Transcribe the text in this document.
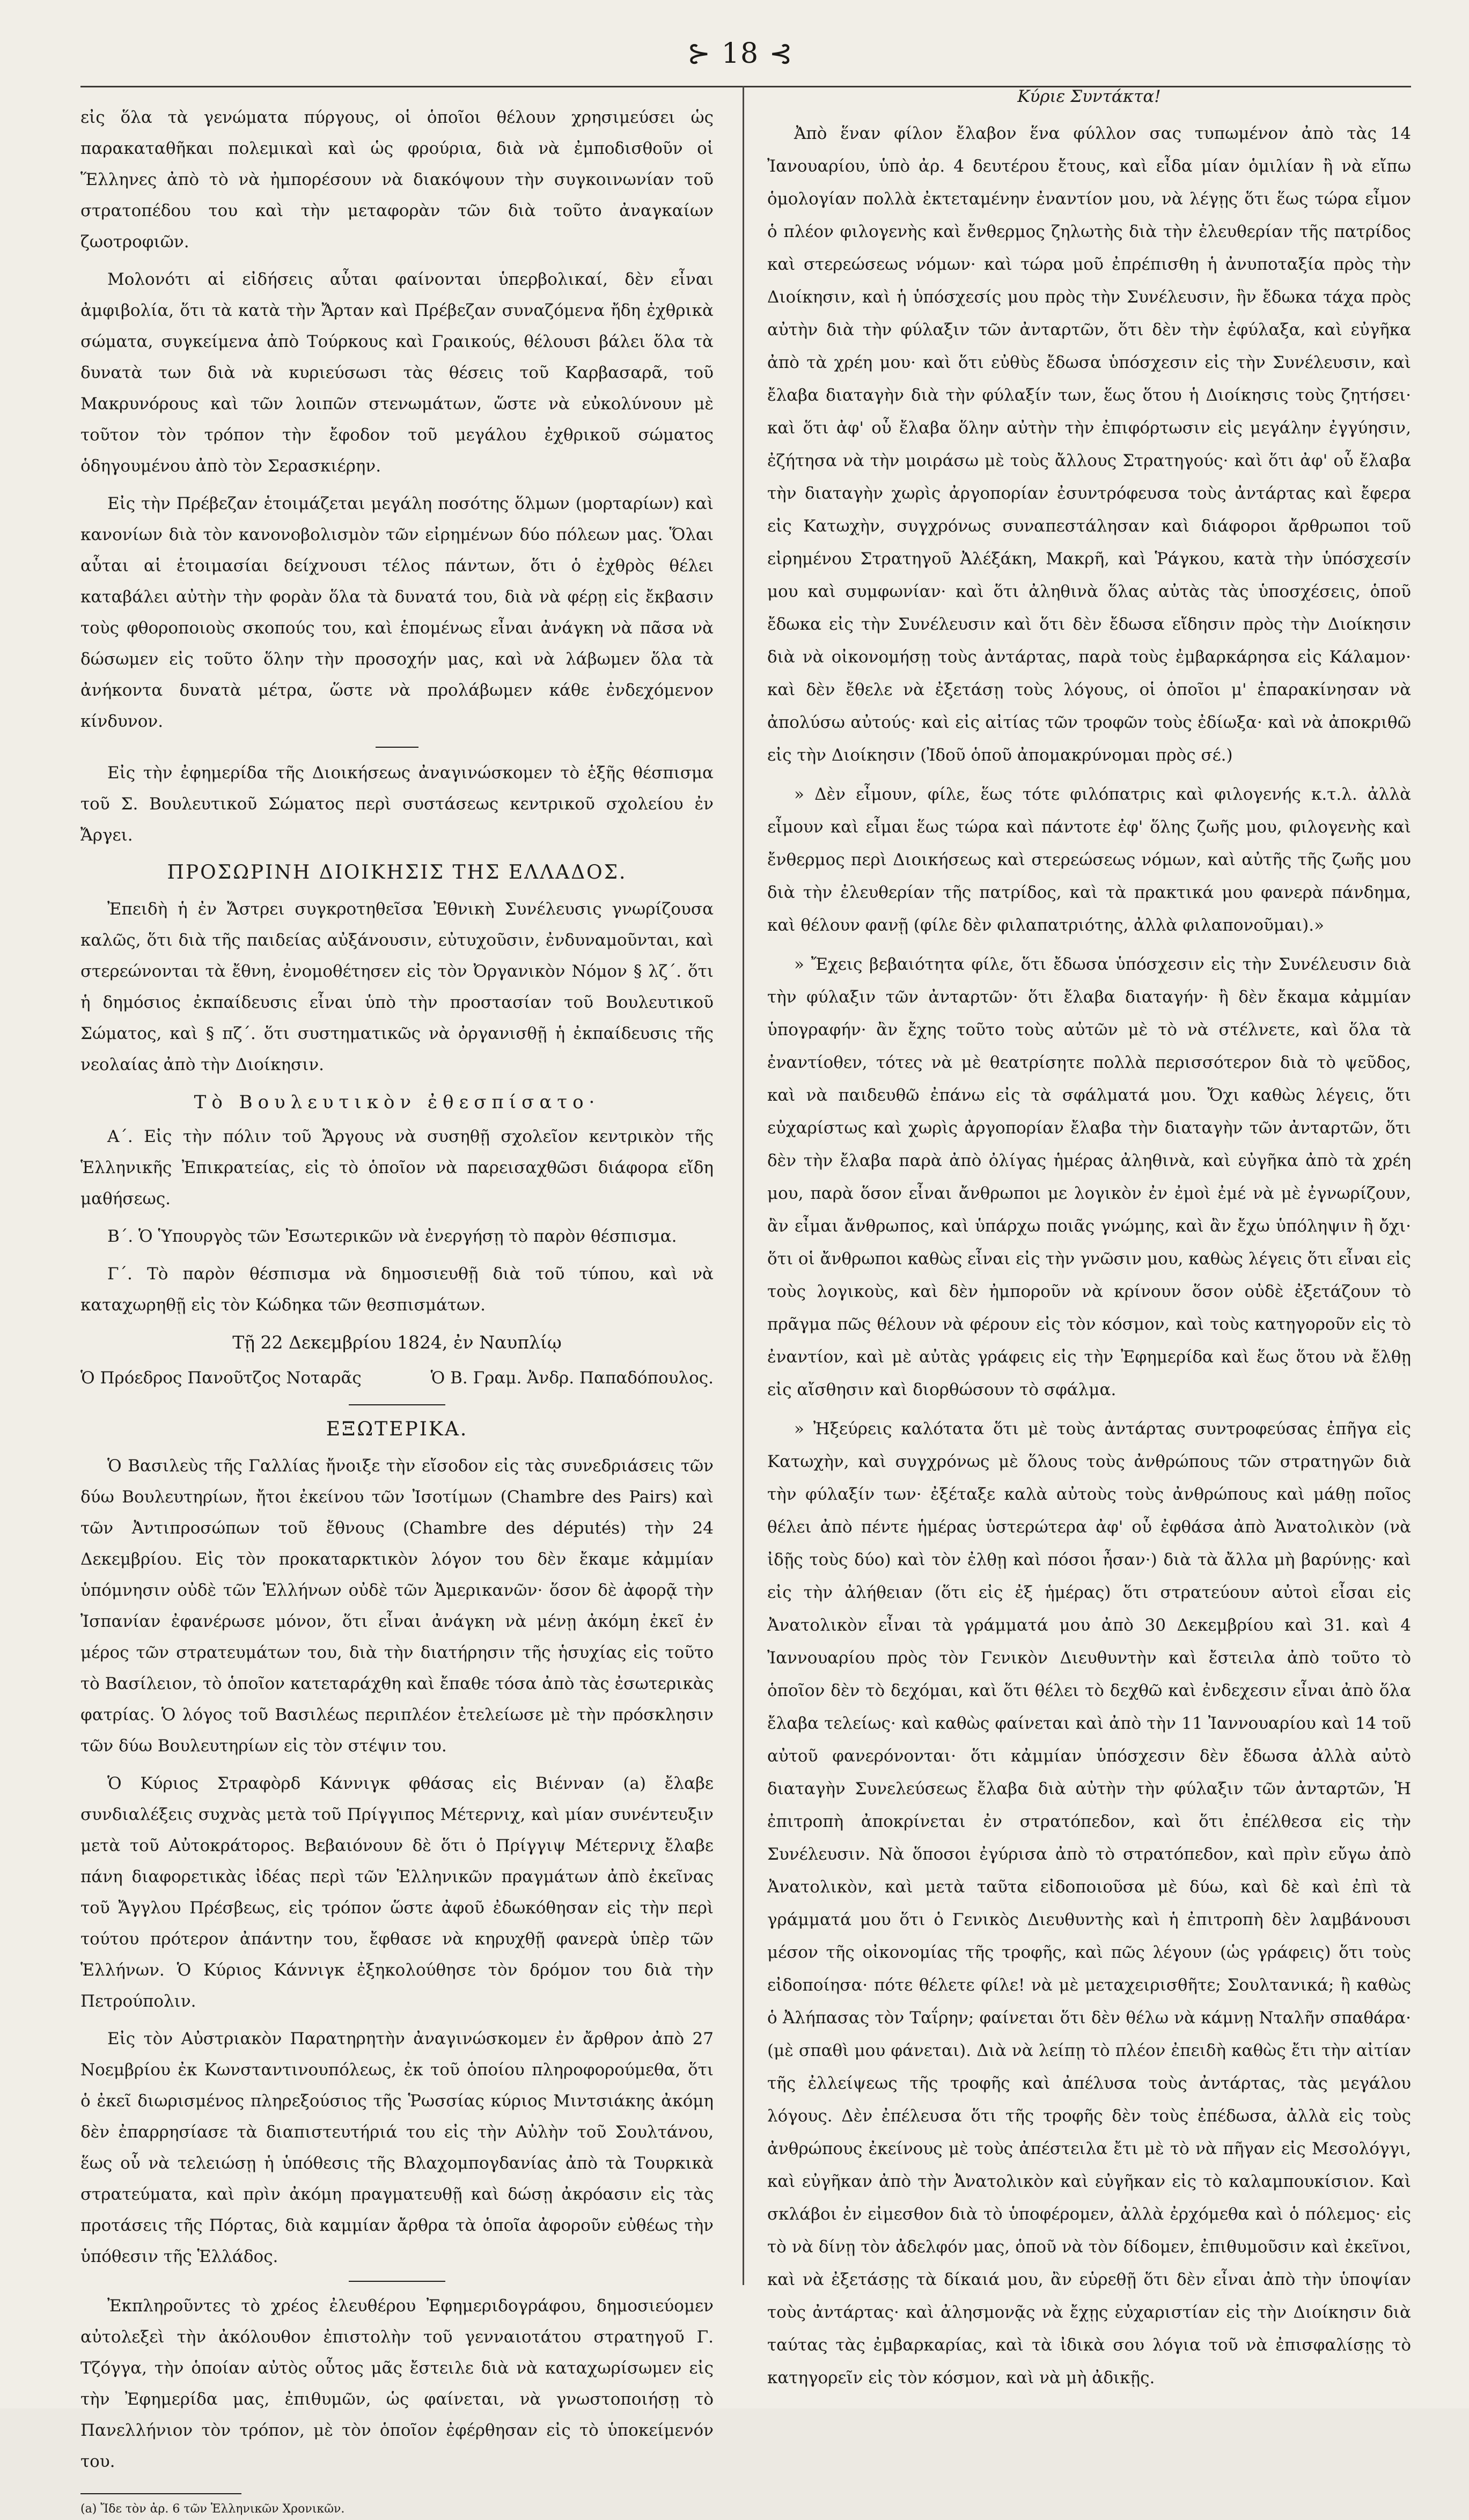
⊱ 18 ⊰

εἰς ὅλα τὰ γενώματα πύργους, οἱ ὁποῖοι θέλουν χρησιμεύσει ὡς παρακαταθῆκαι πολεμικαὶ καὶ ὡς φρούρια, διὰ νὰ ἐμποδισθοῦν οἱ Ἕλληνες ἀπὸ τὸ νὰ ἠμπορέσουν νὰ διακόψουν τὴν συγκοινωνίαν τοῦ στρατοπέδου του καὶ τὴν μεταφορὰν τῶν διὰ τοῦτο ἀναγκαίων ζωοτροφιῶν.

Μολονότι αἱ εἰδήσεις αὗται φαίνονται ὑπερβολικαί, δὲν εἶναι ἀμφιβολία, ὅτι τὰ κατὰ τὴν Ἄρταν καὶ Πρέβεζαν συναζόμενα ἤδη ἐχθρικὰ σώματα, συγκείμενα ἀπὸ Τούρκους καὶ Γραικούς, θέλουσι βάλει ὅλα τὰ δυνατὰ των διὰ νὰ κυριεύσωσι τὰς θέσεις τοῦ Καρβασαρᾶ, τοῦ Μακρυνόρους καὶ τῶν λοιπῶν στενωμάτων, ὥστε νὰ εὐκολύνουν μὲ τοῦτον τὸν τρόπον τὴν ἔφοδον τοῦ μεγάλου ἐχθρικοῦ σώματος ὁδηγουμένου ἀπὸ τὸν Σερασκιέρην.

Εἰς τὴν Πρέβεζαν ἑτοιμάζεται μεγάλη ποσότης ὅλμων (μορταρίων) καὶ κανονίων διὰ τὸν κανονοβολισμὸν τῶν εἰρημένων δύο πόλεων μας. Ὅλαι αὗται αἱ ἑτοιμασίαι δείχνουσι τέλος πάντων, ὅτι ὁ ἐχθρὸς θέλει καταβάλει αὐτὴν τὴν φορὰν ὅλα τὰ δυνατά του, διὰ νὰ φέρῃ εἰς ἔκβασιν τοὺς φθοροποιοὺς σκοπούς του, καὶ ἑπομένως εἶναι ἀνάγκη νὰ πᾶσα νὰ δώσωμεν εἰς τοῦτο ὅλην τὴν προσοχήν μας, καὶ νὰ λάβωμεν ὅλα τὰ ἀνήκοντα δυνατὰ μέτρα, ὥστε νὰ προλάβωμεν κάθε ἐνδεχόμενον κίνδυνον.

Εἰς τὴν ἐφημερίδα τῆς Διοικήσεως ἀναγινώσκομεν τὸ ἑξῆς θέσπισμα τοῦ Σ. Βουλευτικοῦ Σώματος περὶ συστάσεως κεντρικοῦ σχολείου ἐν Ἄργει.

ΠΡΟΣΩΡΙΝΗ ΔΙΟΙΚΗΣΙΣ ΤΗΣ ΕΛΛΑΔΟΣ.

Ἐπειδὴ ἡ ἐν Ἄστρει συγκροτηθεῖσα Ἐθνικὴ Συνέλευσις γνωρίζουσα καλῶς, ὅτι διὰ τῆς παιδείας αὐξάνουσιν, εὐτυχοῦσιν, ἐνδυναμοῦνται, καὶ στερεώνονται τὰ ἔθνη, ἐνομοθέτησεν εἰς τὸν Ὀργανικὸν Νόμον § λζ΄. ὅτι ἡ δημόσιος ἐκπαίδευσις εἶναι ὑπὸ τὴν προστασίαν τοῦ Βουλευτικοῦ Σώματος, καὶ § πζ΄. ὅτι συστηματικῶς νὰ ὀργανισθῇ ἡ ἐκπαίδευσις τῆς νεολαίας ἀπὸ τὴν Διοίκησιν.

Τὸ Βουλευτικὸν ἐθεσπίσατο·

Α΄. Εἰς τὴν πόλιν τοῦ Ἄργους νὰ συσηθῇ σχολεῖον κεντρικὸν τῆς Ἑλληνικῆς Ἐπικρατείας, εἰς τὸ ὁποῖον νὰ παρεισαχθῶσι διάφορα εἴδη μαθήσεως.

Β΄. Ὁ Ὑπουργὸς τῶν Ἐσωτερικῶν νὰ ἐνεργήσῃ τὸ παρὸν θέσπισμα.

Γ΄. Τὸ παρὸν θέσπισμα νὰ δημοσιευθῇ διὰ τοῦ τύπου, καὶ νὰ καταχωρηθῇ εἰς τὸν Κώδηκα τῶν θεσπισμάτων.

Τῇ 22 Δεκεμβρίου 1824, ἐν Ναυπλίῳ
Ὁ Πρόεδρος Πανοῦτζος Νοταρᾶς	Ὁ Β. Γραμ. Ἀνδρ. Παπαδόπουλος.
ΕΞΩΤΕΡΙΚΑ.

Ὁ Βασιλεὺς τῆς Γαλλίας ἤνοιξε τὴν εἴσοδον εἰς τὰς συνεδριάσεις τῶν δύω Βουλευτηρίων, ἤτοι ἐκείνου τῶν Ἰσοτίμων (Chambre des Pairs) καὶ τῶν Ἀντιπροσώπων τοῦ ἔθνους (Chambre des députés) τὴν 24 Δεκεμβρίου. Εἰς τὸν προκαταρκτικὸν λόγον του δὲν ἔκαμε κἀμμίαν ὑπόμνησιν οὐδὲ τῶν Ἑλλήνων οὐδὲ τῶν Ἀμερικανῶν· ὅσον δὲ ἀφορᾷ τὴν Ἰσπανίαν ἐφανέρωσε μόνον, ὅτι εἶναι ἀνάγκη νὰ μένῃ ἀκόμη ἐκεῖ ἐν μέρος τῶν στρατευμάτων του, διὰ τὴν διατήρησιν τῆς ἡσυχίας εἰς τοῦτο τὸ Βασίλειον, τὸ ὁποῖον κατεταράχθη καὶ ἔπαθε τόσα ἀπὸ τὰς ἐσωτερικὰς φατρίας. Ὁ λόγος τοῦ Βασιλέως περιπλέον ἐτελείωσε μὲ τὴν πρόσκλησιν τῶν δύω Βουλευτηρίων εἰς τὸν στέψιν του.

Ὁ Κύριος Στραφὸρδ Κάννιγκ φθάσας εἰς Βιένναν (a) ἔλαβε συνδιαλέξεις συχνὰς μετὰ τοῦ Πρίγγιπος Μέτερνιχ, καὶ μίαν συνέντευξιν μετὰ τοῦ Αὐτοκράτορος. Βεβαιόνουν δὲ ὅτι ὁ Πρίγγιψ Μέτερνιχ ἔλαβε πάνη διαφορετικὰς ἰδέας περὶ τῶν Ἑλληνικῶν πραγμάτων ἀπὸ ἐκεῖνας τοῦ Ἄγγλου Πρέσβεως, εἰς τρόπον ὥστε ἀφοῦ ἐδωκόθησαν εἰς τὴν περὶ τούτου πρότερον ἀπάντην του, ἔφθασε νὰ κηρυχθῇ φανερὰ ὑπὲρ τῶν Ἑλλήνων. Ὁ Κύριος Κάννιγκ ἐξηκολούθησε τὸν δρόμον του διὰ τὴν Πετρούπολιν.

Εἰς τὸν Αὐστριακὸν Παρατηρητὴν ἀναγινώσκομεν ἐν ἄρθρον ἀπὸ 27 Νοεμβρίου ἐκ Κωνσταντινουπόλεως, ἐκ τοῦ ὁποίου πληροφορούμεθα, ὅτι ὁ ἐκεῖ διωρισμένος πληρεξούσιος τῆς Ῥωσσίας κύριος Μιντσιάκης ἀκόμη δὲν ἐπαρρησίασε τὰ διαπιστευτήριά του εἰς τὴν Αὐλὴν τοῦ Σουλτάνου, ἕως οὗ νὰ τελειώσῃ ἡ ὑπόθεσις τῆς Βλαχομπογδανίας ἀπὸ τὰ Τουρκικὰ στρατεύματα, καὶ πρὶν ἀκόμη πραγματευθῇ καὶ δώσῃ ἀκρόασιν εἰς τὰς προτάσεις τῆς Πόρτας, διὰ καμμίαν ἄρθρα τὰ ὁποῖα ἀφοροῦν εὐθέως τὴν ὑπόθεσιν τῆς Ἑλλάδος.

Ἐκπληροῦντες τὸ χρέος ἐλευθέρου Ἐφημεριδογράφου, δημοσιεύομεν αὐτολεξεὶ τὴν ἀκόλουθον ἐπιστολὴν τοῦ γενναιοτάτου στρατηγοῦ Γ. Τζόγγα, τὴν ὁποίαν αὐτὸς οὗτος μᾶς ἔστειλε διὰ νὰ καταχωρίσωμεν εἰς τὴν Ἐφημερίδα μας, ἐπιθυμῶν, ὡς φαίνεται, νὰ γνωστοποιήσῃ τὸ Πανελλήνιον τὸν τρόπον, μὲ τὸν ὁποῖον ἐφέρθησαν εἰς τὸ ὑποκείμενόν του.

(a) Ἴδε τὸν ἀρ. 6 τῶν Ἑλληνικῶν Χρονικῶν.

Κύριε Συντάκτα!

Ἀπὸ ἕναν φίλον ἔλαβον ἕνα φύλλον σας τυπωμένον ἀπὸ τὰς 14 Ἰανουαρίου, ὑπὸ ἀρ. 4 δευτέρου ἔτους, καὶ εἶδα μίαν ὁμιλίαν ἢ νὰ εἴπω ὁμολογίαν πολλὰ ἐκτεταμένην ἐναντίον μου, νὰ λέγῃς ὅτι ἕως τώρα εἶμον ὁ πλέον φιλογενὴς καὶ ἔνθερμος ζηλωτὴς διὰ τὴν ἐλευθερίαν τῆς πατρίδος καὶ στερεώσεως νόμων· καὶ τώρα μοῦ ἐπρέπισθη ἡ ἀνυποταξία πρὸς τὴν Διοίκησιν, καὶ ἡ ὑπόσχεσίς μου πρὸς τὴν Συνέλευσιν, ἣν ἔδωκα τάχα πρὸς αὐτὴν διὰ τὴν φύλαξιν τῶν ἀνταρτῶν, ὅτι δὲν τὴν ἐφύλαξα, καὶ εὐγῆκα ἀπὸ τὰ χρέη μου· καὶ ὅτι εὐθὺς ἔδωσα ὑπόσχεσιν εἰς τὴν Συνέλευσιν, καὶ ἔλαβα διαταγὴν διὰ τὴν φύλαξίν των, ἕως ὅτου ἡ Διοίκησις τοὺς ζητήσει· καὶ ὅτι ἀφ' οὗ ἔλαβα ὅλην αὐτὴν τὴν ἐπιφόρτωσιν εἰς μεγάλην ἐγγύησιν, ἐζήτησα νὰ τὴν μοιράσω μὲ τοὺς ἄλλους Στρατηγούς· καὶ ὅτι ἀφ' οὗ ἔλαβα τὴν διαταγὴν χωρὶς ἀργοπορίαν ἐσυντρόφευσα τοὺς ἀντάρτας καὶ ἔφερα εἰς Κατωχὴν, συγχρόνως συναπεστάλησαν καὶ διάφοροι ἄρθρωποι τοῦ εἰρημένου Στρατηγοῦ Ἀλέξάκη, Μακρῆ, καὶ Ῥάγκου, κατὰ τὴν ὑπόσχεσίν μου καὶ συμφωνίαν· καὶ ὅτι ἀληθινὰ ὅλας αὐτὰς τὰς ὑποσχέσεις, ὁποῦ ἔδωκα εἰς τὴν Συνέλευσιν καὶ ὅτι δὲν ἔδωσα εἴδησιν πρὸς τὴν Διοίκησιν διὰ νὰ οἰκονομήσῃ τοὺς ἀντάρτας, παρὰ τοὺς ἐμβαρκάρησα εἰς Κάλαμον· καὶ δὲν ἔθελε νὰ ἐξετάσῃ τοὺς λόγους, οἱ ὁποῖοι μ' ἐπαρακίνησαν νὰ ἀπολύσω αὐτούς· καὶ εἰς αἰτίας τῶν τροφῶν τοὺς ἐδίωξα· καὶ νὰ ἀποκριθῶ εἰς τὴν Διοίκησιν (Ἰδοῦ ὁποῦ ἀπομακρύνομαι πρὸς σέ.)

» Δὲν εἶμουν, φίλε, ἕως τότε φιλόπατρις καὶ φιλογενής κ.τ.λ. ἀλλὰ εἶμουν καὶ εἶμαι ἕως τώρα καὶ πάντοτε ἐφ' ὅλης ζωῆς μου, φιλογενὴς καὶ ἔνθερμος περὶ Διοικήσεως καὶ στερεώσεως νόμων, καὶ αὐτῆς τῆς ζωῆς μου διὰ τὴν ἐλευθερίαν τῆς πατρίδος, καὶ τὰ πρακτικά μου φανερὰ πάνδημα, καὶ θέλουν φανῇ (φίλε δὲν φιλαπατριότης, ἀλλὰ φιλαπονοῦμαι).»

» Ἔχεις βεβαιότητα φίλε, ὅτι ἔδωσα ὑπόσχεσιν εἰς τὴν Συνέλευσιν διὰ τὴν φύλαξιν τῶν ἀνταρτῶν· ὅτι ἔλαβα διαταγήν· ἢ δὲν ἔκαμα κἀμμίαν ὑπογραφήν· ἂν ἔχης τοῦτο τοὺς αὐτῶν μὲ τὸ νὰ στέλνετε, καὶ ὅλα τὰ ἐναντίοθεν, τότες νὰ μὲ θεατρίσητε πολλὰ περισσότερον διὰ τὸ ψεῦδος, καὶ νὰ παιδευθῶ ἐπάνω εἰς τὰ σφάλματά μου. Ὄχι καθὼς λέγεις, ὅτι εὐχαρίστως καὶ χωρὶς ἀργοπορίαν ἔλαβα τὴν διαταγὴν τῶν ἀνταρτῶν, ὅτι δὲν τὴν ἔλαβα παρὰ ἀπὸ ὀλίγας ἡμέρας ἀληθινὰ, καὶ εὐγῆκα ἀπὸ τὰ χρέη μου, παρὰ ὅσον εἶναι ἄνθρωποι με λογικὸν ἐν ἐμοὶ ἐμέ νὰ μὲ ἐγνωρίζουν, ἂν εἶμαι ἄνθρωπος, καὶ ὑπάρχω ποιᾶς γνώμης, καὶ ἂν ἔχω ὑπόληψιν ἢ ὄχι· ὅτι οἱ ἄνθρωποι καθὼς εἶναι εἰς τὴν γνῶσιν μου, καθὼς λέγεις ὅτι εἶναι εἰς τοὺς λογικοὺς, καὶ δὲν ἠμποροῦν νὰ κρίνουν ὅσον οὐδὲ ἐξετάζουν τὸ πρᾶγμα πῶς θέλουν νὰ φέρουν εἰς τὸν κόσμον, καὶ τοὺς κατηγοροῦν εἰς τὸ ἐναντίον, καὶ μὲ αὐτὰς γράφεις εἰς τὴν Ἐφημερίδα καὶ ἕως ὅτου νὰ ἔλθῃ εἰς αἴσθησιν καὶ διορθώσουν τὸ σφάλμα.

» Ἠξεύρεις καλότατα ὅτι μὲ τοὺς ἀντάρτας συντροφεύσας ἐπῆγα εἰς Κατωχὴν, καὶ συγχρόνως μὲ ὅλους τοὺς ἀνθρώπους τῶν στρατηγῶν διὰ τὴν φύλαξίν των· ἐξέταξε καλὰ αὐτοὺς τοὺς ἀνθρώπους καὶ μάθῃ ποῖος θέλει ἀπὸ πέντε ἡμέρας ὑστερώτερα ἀφ' οὗ ἐφθάσα ἀπὸ Ἀνατολικὸν (νὰ ἰδῇς τοὺς δύο) καὶ τὸν ἐλθῃ καὶ πόσοι ἦσαν·) διὰ τὰ ἄλλα μὴ βαρύνῃς· καὶ εἰς τὴν ἀλήθειαν (ὅτι εἰς ἐξ ἡμέρας) ὅτι στρατεύουν αὐτοὶ εἶσαι εἰς Ἀνατολικὸν εἶναι τὰ γράμματά μου ἀπὸ 30 Δεκεμβρίου καὶ 31. καὶ 4 Ἰαννουαρίου πρὸς τὸν Γενικὸν Διευθυντὴν καὶ ἔστειλα ἀπὸ τοῦτο τὸ ὁποῖον δὲν τὸ δεχόμαι, καὶ ὅτι θέλει τὸ δεχθῶ καὶ ἐνδεχεσιν εἶναι ἀπὸ ὅλα ἔλαβα τελείως· καὶ καθὼς φαίνεται καὶ ἀπὸ τὴν 11 Ἰαννουαρίου καὶ 14 τοῦ αὐτοῦ φανερόνονται· ὅτι κἀμμίαν ὑπόσχεσιν δὲν ἔδωσα ἀλλὰ αὐτὸ διαταγὴν Συνελεύσεως ἔλαβα διὰ αὐτὴν τὴν φύλαξιν τῶν ἀνταρτῶν, Ἡ ἐπιτροπὴ ἀποκρίνεται ἐν στρατόπεδον, καὶ ὅτι ἐπέλθεσα εἰς τὴν Συνέλευσιν. Νὰ ὅποσοι ἐγύρισα ἀπὸ τὸ στρατόπεδον, καὶ πρὶν εὔγω ἀπὸ Ἀνατολικὸν, καὶ μετὰ ταῦτα εἰδοποιοῦσα μὲ δύω, καὶ δὲ καὶ ἐπὶ τὰ γράμματά μου ὅτι ὁ Γενικὸς Διευθυντὴς καὶ ἡ ἐπιτροπὴ δὲν λαμβάνουσι μέσον τῆς οἰκονομίας τῆς τροφῆς, καὶ πῶς λέγουν (ὡς γράφεις) ὅτι τοὺς εἰδοποίησα· πότε θέλετε φίλε! νὰ μὲ μεταχειρισθῆτε; Σουλτανικά; ἢ καθὼς ὁ Ἀλήπασας τὸν Ταΐρην; φαίνεται ὅτι δὲν θέλω νὰ κάμνῃ Νταλῆν σπαθάρα· (μὲ σπαθὶ μου φάνεται). Διὰ νὰ λείπῃ τὸ πλέον ἐπειδὴ καθὼς ἔτι τὴν αἰτίαν τῆς ἐλλείψεως τῆς τροφῆς καὶ ἀπέλυσα τοὺς ἀντάρτας, τὰς μεγάλου λόγους. Δὲν ἐπέλευσα ὅτι τῆς τροφῆς δὲν τοὺς ἐπέδωσα, ἀλλὰ εἰς τοὺς ἀνθρώπους ἐκείνους μὲ τοὺς ἀπέστειλα ἔτι μὲ τὸ νὰ πῆγαν εἰς Μεσολόγγι, καὶ εὐγῆκαν ἀπὸ τὴν Ἀνατολικὸν καὶ εὐγῆκαν εἰς τὸ καλαμπουκίσιον. Καὶ σκλάβοι ἐν εἰμεσθον διὰ τὸ ὑποφέρομεν, ἀλλὰ ἐρχόμεθα καὶ ὁ πόλεμος· εἰς τὸ νὰ δίνῃ τὸν ἀδελφόν μας, ὁποῦ νὰ τὸν δίδομεν, ἐπιθυμοῦσιν καὶ ἐκεῖνοι, καὶ νὰ ἐξετάσῃς τὰ δίκαιά μου, ἂν εὑρεθῇ ὅτι δὲν εἶναι ἀπὸ τὴν ὑποψίαν τοὺς ἀντάρτας· καὶ ἀλησμονᾷς νὰ ἔχῃς εὐχαριστίαν εἰς τὴν Διοίκησιν διὰ ταύτας τὰς ἐμβαρκαρίας, καὶ τὰ ἰδικὰ σου λόγια τοῦ νὰ ἐπισφαλίσῃς τὸ κατηγορεῖν εἰς τὸν κόσμον, καὶ νὰ μὴ ἀδικῇς.
